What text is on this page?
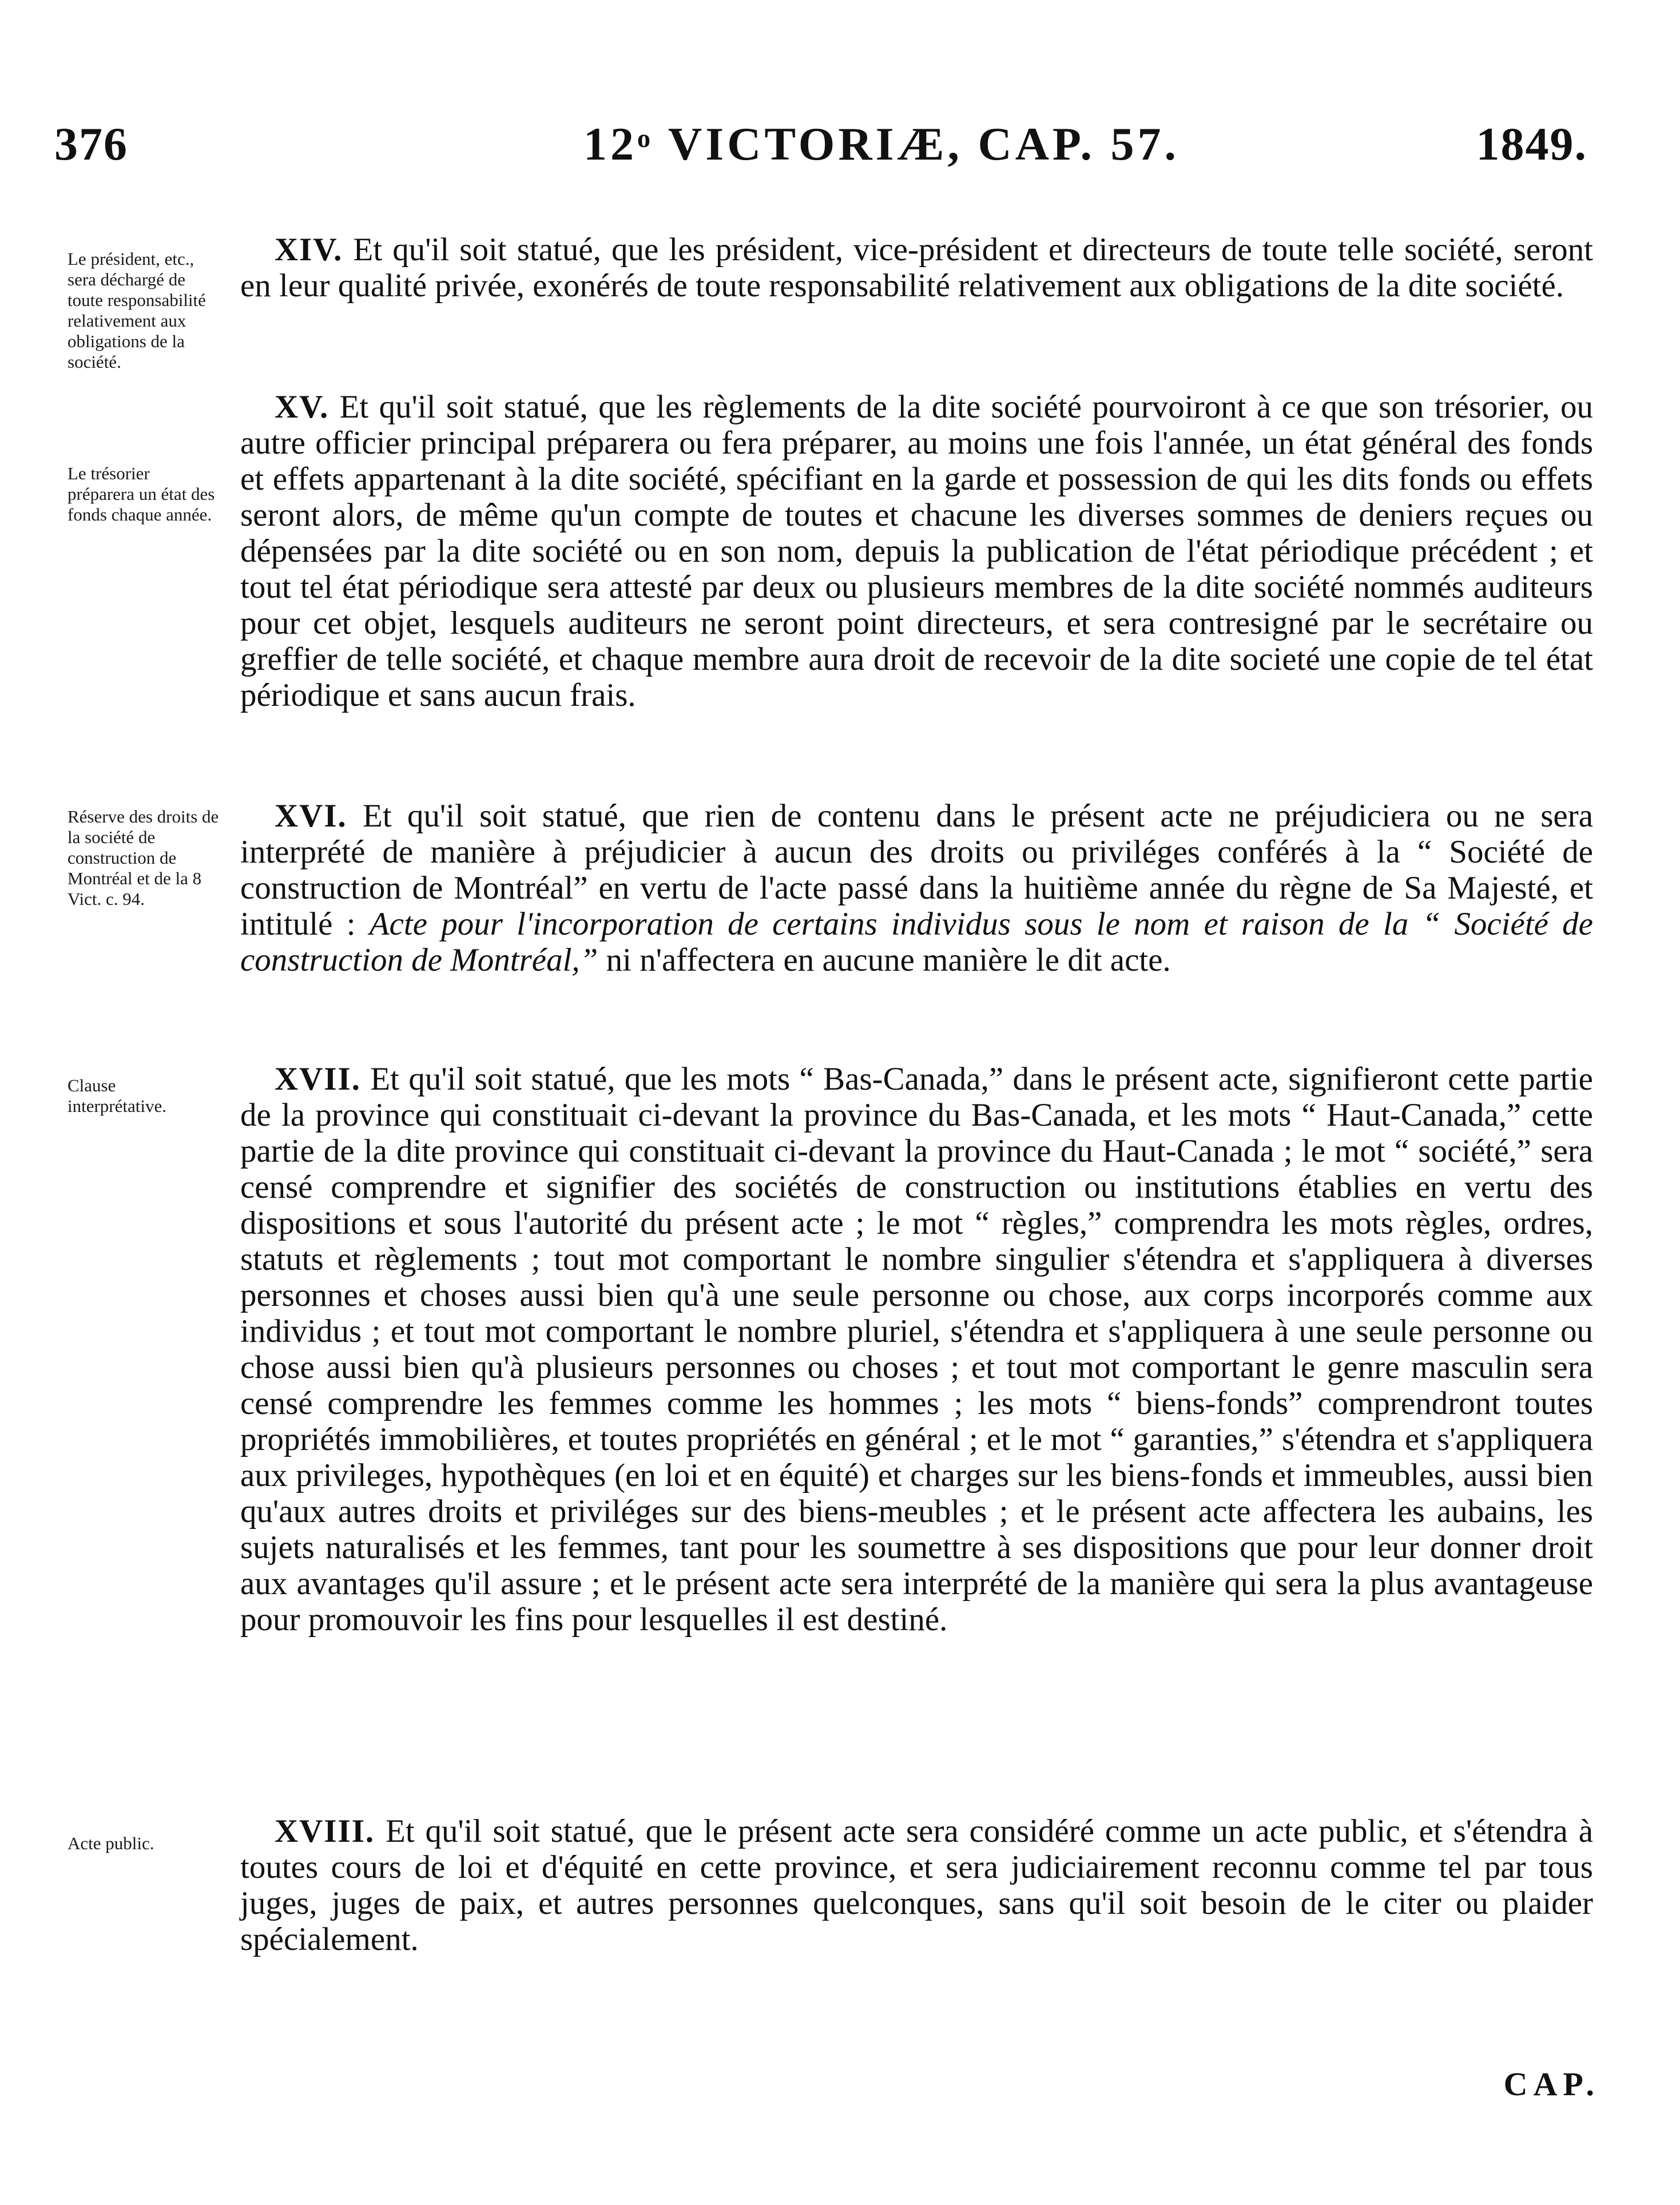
376	12$^o$ VICTORIÆ, CAP. 57.	1849.

Le président, etc., sera déchargé de toute responsabilité relativement aux obligations de la société.

XIV. Et qu'il soit statué, que les président, vice-président et directeurs de toute telle société, seront en leur qualité privée, exonérés de toute responsabilité relativement aux obligations de la dite société.

Le trésorier préparera un état des fonds chaque année.

XV. Et qu'il soit statué, que les règlements de la dite société pourvoiront à ce que son trésorier, ou autre officier principal préparera ou fera préparer, au moins une fois l'année, un état général des fonds et effets appartenant à la dite société, spécifiant en la garde et possession de qui les dits fonds ou effets seront alors, de même qu'un compte de toutes et chacune les diverses sommes de deniers reçues ou dépensées par la dite société ou en son nom, depuis la publication de l'état périodique précédent ; et tout tel état périodique sera attesté par deux ou plusieurs membres de la dite société nommés auditeurs pour cet objet, lesquels auditeurs ne seront point directeurs, et sera contresigné par le secrétaire ou greffier de telle société, et chaque membre aura droit de recevoir de la dite societé une copie de tel état périodique et sans aucun frais.

Réserve des droits de la société de construction de Montréal et de la 8 Vict. c. 94.

XVI. Et qu'il soit statué, que rien de contenu dans le présent acte ne préjudiciera ou ne sera interprété de manière à préjudicier à aucun des droits ou priviléges conférés à la “ Société de construction de Montréal” en vertu de l'acte passé dans la huitième année du règne de Sa Majesté, et intitulé : Acte pour l'incorporation de certains individus sous le nom et raison de la “ Société de construction de Montréal,” ni n'affectera en aucune manière le dit acte.

Clause interprétative.

XVII. Et qu'il soit statué, que les mots “ Bas-Canada,” dans le présent acte, signifieront cette partie de la province qui constituait ci-devant la province du Bas-Canada, et les mots “ Haut-Canada,” cette partie de la dite province qui constituait ci-devant la province du Haut-Canada ; le mot “ société,” sera censé comprendre et signifier des sociétés de construction ou institutions établies en vertu des dispositions et sous l'autorité du présent acte ; le mot “ règles,” comprendra les mots règles, ordres, statuts et règlements ; tout mot comportant le nombre singulier s'étendra et s'appliquera à diverses personnes et choses aussi bien qu'à une seule personne ou chose, aux corps incorporés comme aux individus ; et tout mot comportant le nombre pluriel, s'étendra et s'appliquera à une seule personne ou chose aussi bien qu'à plusieurs personnes ou choses ; et tout mot comportant le genre masculin sera censé comprendre les femmes comme les hommes ; les mots “ biens-fonds” comprendront toutes propriétés immobilières, et toutes propriétés en général ; et le mot “ garanties,” s'étendra et s'appliquera aux privileges, hypothèques (en loi et en équité) et charges sur les biens-fonds et immeubles, aussi bien qu'aux autres droits et priviléges sur des biens-meubles ; et le présent acte affectera les aubains, les sujets naturalisés et les femmes, tant pour les soumettre à ses dispositions que pour leur donner droit aux avantages qu'il assure ; et le présent acte sera interprété de la manière qui sera la plus avantageuse pour promouvoir les fins pour lesquelles il est destiné.

Acte public.	XVIII. Et qu'il soit statué, que le présent acte sera considéré comme un acte public, et s'étendra à toutes cours de loi et d'équité en cette province, et sera judiciairement reconnu comme tel par tous juges, juges de paix, et autres personnes quelconques, sans qu'il soit besoin de le citer ou plaider spécialement.

CAP.
